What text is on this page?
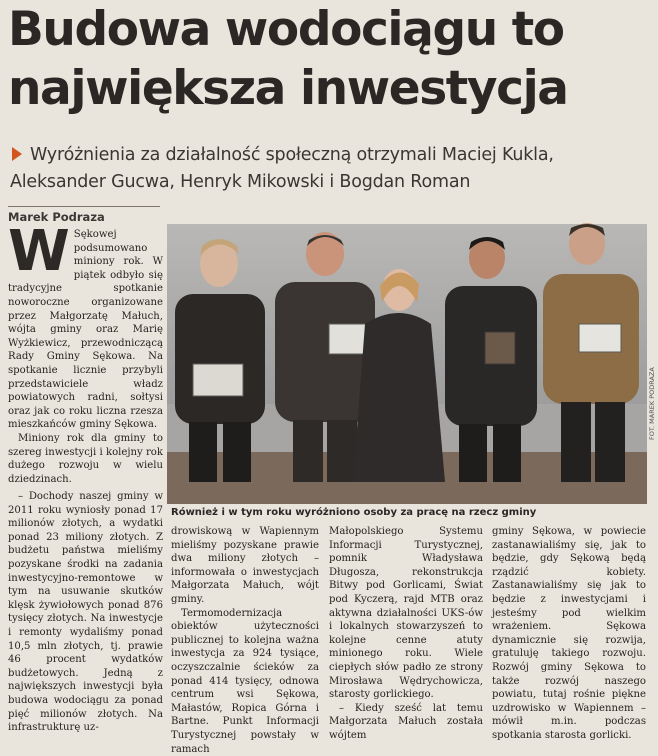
Budowa wodociągu to największa inwestycja
Wyróżnienia za działalność społeczną otrzymali Maciej Kukla, Aleksander Gucwa, Henryk Mikowski i Bogdan Roman
Marek Podraza
W Sękowej podsumowano miniony rok. W piątek odbyło się tradycyjne spotkanie noworoczne organizowane przez Małgorzatę Małuch, wójta gminy oraz Marię Wyżkiewicz, przewodniczącą Rady Gminy Sękowa. Na spotkanie licznie przybyli przedstawiciele władz powiatowych radni, sołtysi oraz jak co roku liczna rzesza mieszkańców gminy Sękowa.

Miniony rok dla gminy to szereg inwestycji i kolejny rok dużego rozwoju w wielu dziedzinach.

– Dochody naszej gminy w 2011 roku wyniosły ponad 17 milionów złotych, a wydatki ponad 23 miliony złotych. Z budżetu państwa mieliśmy pozyskane środki na zadania inwestycyjno-remontowe w tym na usuwanie skutków klęsk żywiołowych ponad 876 tysięcy złotych. Na inwestycje i remonty wydaliśmy ponad 10,5 mln złotych, tj. prawie 46 procent wydatków budżetowych. Jedną z największych inwestycji była budowa wodociągu za ponad pięć milionów złotych. Na infrastrukturę uz-

FOT. MAREK PODRAZA
Również i w tym roku wyróżniono osoby za pracę na rzecz gminy

drowiskową w Wapiennym mieliśmy pozyskane prawie dwa miliony złotych – informowała o inwestycjach Małgorzata Małuch, wójt gminy.

Termomodernizacja obiektów użyteczności publicznej to kolejna ważna inwestycja za 924 tysiące, oczyszczalnie ścieków za ponad 414 tysięcy, odnowa centrum wsi Sękowa, Małastów, Ropica Górna i Bartne. Punkt Informacji Turystycznej powstały w ramach

Małopolskiego Systemu Informacji Turystycznej, pomnik Władysława Długosza, rekonstrukcja Bitwy pod Gorlicami, Świat pod Kyczerą, rajd MTB oraz aktywna działalności UKS-ów i lokalnych stowarzyszeń to kolejne cenne atuty minionego roku. Wiele ciepłych słów padło ze strony Mirosława Wędrychowicza, starosty gorlickiego.

– Kiedy sześć lat temu Małgorzata Małuch została wójtem

gminy Sękowa, w powiecie zastanawialiśmy się, jak to będzie, gdy Sękową będą rządzić kobiety. Zastanawialiśmy się jak to będzie z inwestycjami i jesteśmy pod wielkim wrażeniem. Sękowa dynamicznie się rozwija, gratuluję takiego rozwoju. Rozwój gminy Sękowa to także rozwój naszego powiatu, tutaj rośnie piękne uzdrowisko w Wapiennem – mówił m.in. podczas spotkania starosta gorlicki.
